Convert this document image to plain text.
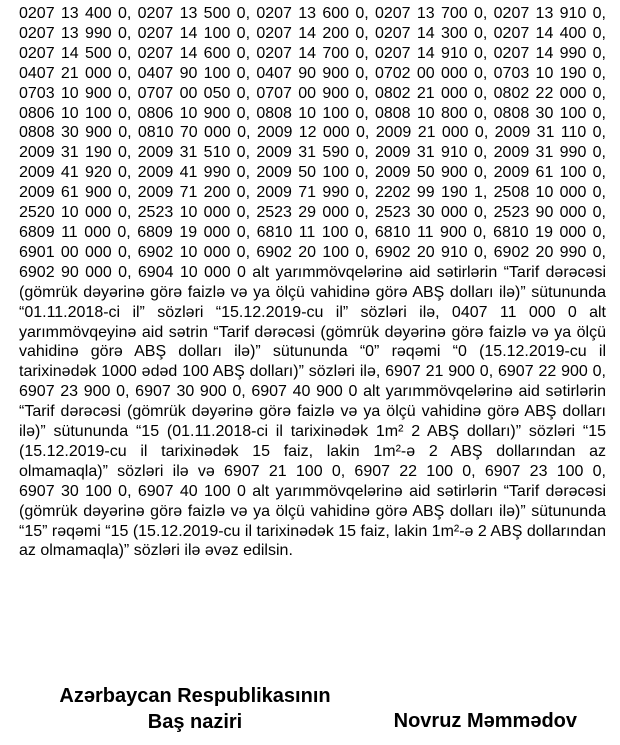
0207 13 400 0, 0207 13 500 0, 0207 13 600 0, 0207 13 700 0, 0207 13 910 0, 0207 13 990 0, 0207 14 100 0, 0207 14 200 0, 0207 14 300 0, 0207 14 400 0, 0207 14 500 0, 0207 14 600 0, 0207 14 700 0, 0207 14 910 0, 0207 14 990 0, 0407 21 000 0, 0407 90 100 0, 0407 90 900 0, 0702 00 000 0, 0703 10 190 0, 0703 10 900 0, 0707 00 050 0, 0707 00 900 0, 0802 21 000 0, 0802 22 000 0, 0806 10 100 0, 0806 10 900 0, 0808 10 100 0, 0808 10 800 0, 0808 30 100 0, 0808 30 900 0, 0810 70 000 0, 2009 12 000 0, 2009 21 000 0, 2009 31 110 0, 2009 31 190 0, 2009 31 510 0, 2009 31 590 0, 2009 31 910 0, 2009 31 990 0, 2009 41 920 0, 2009 41 990 0, 2009 50 100 0, 2009 50 900 0, 2009 61 100 0, 2009 61 900 0, 2009 71 200 0, 2009 71 990 0, 2202 99 190 1, 2508 10 000 0, 2520 10 000 0, 2523 10 000 0, 2523 29 000 0, 2523 30 000 0, 2523 90 000 0, 6809 11 000 0, 6809 19 000 0, 6810 11 100 0, 6810 11 900 0, 6810 19 000 0, 6901 00 000 0, 6902 10 000 0, 6902 20 100 0, 6902 20 910 0, 6902 20 990 0, 6902 90 000 0, 6904 10 000 0 alt yarımmövqelərinə aid sətirlərin “Tarif dərəcəsi (gömrük dəyərinə görə faizlə və ya ölçü vahidinə görə ABŞ dolları ilə)” sütununda “01.11.2018-ci il” sözləri “15.12.2019-cu il” sözləri ilə, 0407 11 000 0 alt yarımmövqeyinə aid sətrin “Tarif dərəcəsi (gömrük dəyərinə görə faizlə və ya ölçü vahidinə görə ABŞ dolları ilə)” sütununda “0” rəqəmi “0 (15.12.2019-cu il tarixinədək 1000 ədəd 100 ABŞ dolları)” sözləri ilə, 6907 21 900 0, 6907 22 900 0, 6907 23 900 0, 6907 30 900 0, 6907 40 900 0 alt yarımmövqelərinə aid sətirlərin “Tarif dərəcəsi (gömrük dəyərinə görə faizlə və ya ölçü vahidinə görə ABŞ dolları ilə)” sütununda “15 (01.11.2018-ci il tarixinədək 1m² 2 ABŞ dolları)” sözləri “15 (15.12.2019-cu il tarixinədək 15 faiz, lakin 1m²-ə 2 ABŞ dollarından az olmamaqla)” sözləri ilə və 6907 21 100 0, 6907 22 100 0, 6907 23 100 0, 6907 30 100 0, 6907 40 100 0 alt yarımmövqelərinə aid sətirlərin “Tarif dərəcəsi (gömrük dəyərinə görə faizlə və ya ölçü vahidinə görə ABŞ dolları ilə)” sütununda “15” rəqəmi “15 (15.12.2019-cu il tarixinədək 15 faiz, lakin 1m²-ə 2 ABŞ dollarından az olmamaqla)” sözləri ilə əvəz edilsin.

Azərbaycan Respublikasının
Baş naziri	Novruz Məmmədov
